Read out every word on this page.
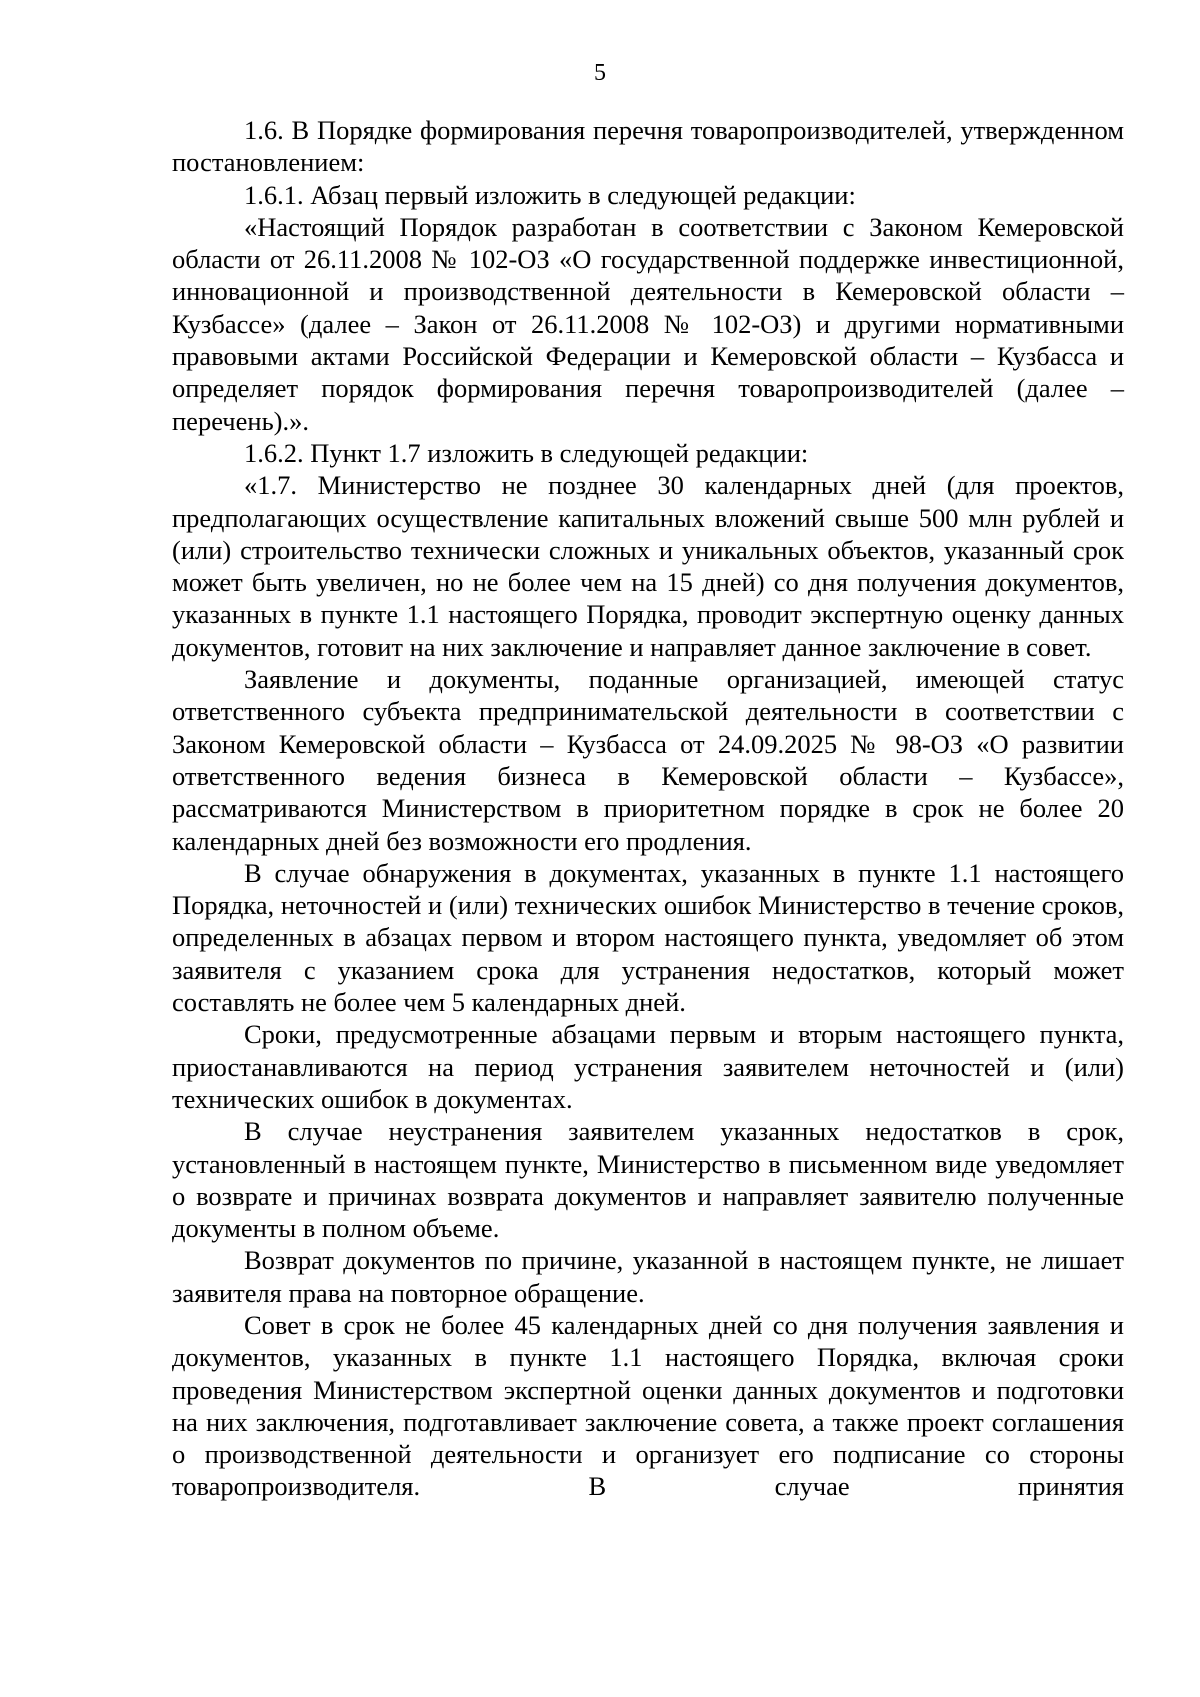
5

1.6. В Порядке формирования перечня товаропроизводителей, утвержденном постановлением:

1.6.1. Абзац первый изложить в следующей редакции:

«Настоящий Порядок разработан в соответствии с Законом Кемеровской области от 26.11.2008 № 102-ОЗ «О государственной поддержке инвестиционной, инновационной и производственной деятельности в Кемеровской области – Кузбассе» (далее – Закон от 26.11.2008 № 102-ОЗ) и другими нормативными правовыми актами Российской Федерации и Кемеровской области – Кузбасса и определяет порядок формирования перечня товаропроизводителей (далее – перечень).».

1.6.2. Пункт 1.7 изложить в следующей редакции:

«1.7. Министерство не позднее 30 календарных дней (для проектов, предполагающих осуществление капитальных вложений свыше 500 млн рублей и (или) строительство технически сложных и уникальных объектов, указанный срок может быть увеличен, но не более чем на 15 дней) со дня получения документов, указанных в пункте 1.1 настоящего Порядка, проводит экспертную оценку данных документов, готовит на них заключение и направляет данное заключение в совет.

Заявление и документы, поданные организацией, имеющей статус ответственного субъекта предпринимательской деятельности в соответствии с Законом Кемеровской области – Кузбасса от 24.09.2025 № 98-ОЗ «О развитии ответственного ведения бизнеса в Кемеровской области – Кузбассе», рассматриваются Министерством в приоритетном порядке в срок не более 20 календарных дней без возможности его продления.

В случае обнаружения в документах, указанных в пункте 1.1 настоящего Порядка, неточностей и (или) технических ошибок Министерство в течение сроков, определенных в абзацах первом и втором настоящего пункта, уведомляет об этом заявителя с указанием срока для устранения недостатков, который может составлять не более чем 5 календарных дней.

Сроки, предусмотренные абзацами первым и вторым настоящего пункта, приостанавливаются на период устранения заявителем неточностей и (или) технических ошибок в документах.

В случае неустранения заявителем указанных недостатков в срок, установленный в настоящем пункте, Министерство в письменном виде уведомляет о возврате и причинах возврата документов и направляет заявителю полученные документы в полном объеме.

Возврат документов по причине, указанной в настоящем пункте, не лишает заявителя права на повторное обращение.

Совет в срок не более 45 календарных дней со дня получения заявления и документов, указанных в пункте 1.1 настоящего Порядка, включая сроки проведения Министерством экспертной оценки данных документов и подготовки на них заключения, подготавливает заключение совета, а также проект соглашения о производственной деятельности и организует его подписание со стороны товаропроизводителя. В случае принятия
